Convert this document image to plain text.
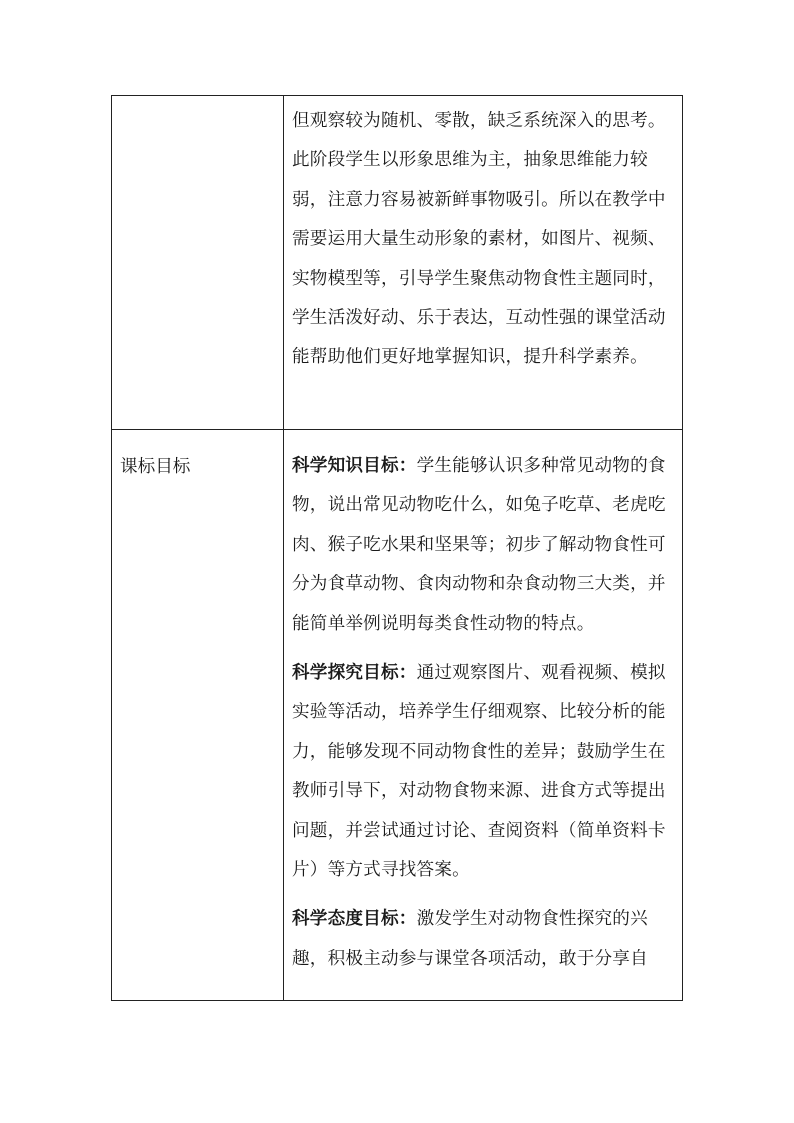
	但观察较为随机、零散，缺乏系统深入的思考。此阶段学生以形象思维为主，抽象思维能力较弱，注意力容易被新鲜事物吸引。所以在教学中需要运用大量生动形象的素材，如图片、视频、实物模型等，引导学生聚焦动物食性主题同时，学生活泼好动、乐于表达，互动性强的课堂活动能帮助他们更好地掌握知识，提升科学素养。

课标目标	科学知识目标：学生能够认识多种常见动物的食物，说出常见动物吃什么，如兔子吃草、老虎吃肉、猴子吃水果和坚果等；初步了解动物食性可分为食草动物、食肉动物和杂食动物三大类，并能简单举例说明每类食性动物的特点。

科学探究目标：通过观察图片、观看视频、模拟实验等活动，培养学生仔细观察、比较分析的能力，能够发现不同动物食性的差异；鼓励学生在教师引导下，对动物食物来源、进食方式等提出问题，并尝试通过讨论、查阅资料（简单资料卡片）等方式寻找答案。

科学态度目标：激发学生对动物食性探究的兴趣，积极主动参与课堂各项活动，敢于分享自
